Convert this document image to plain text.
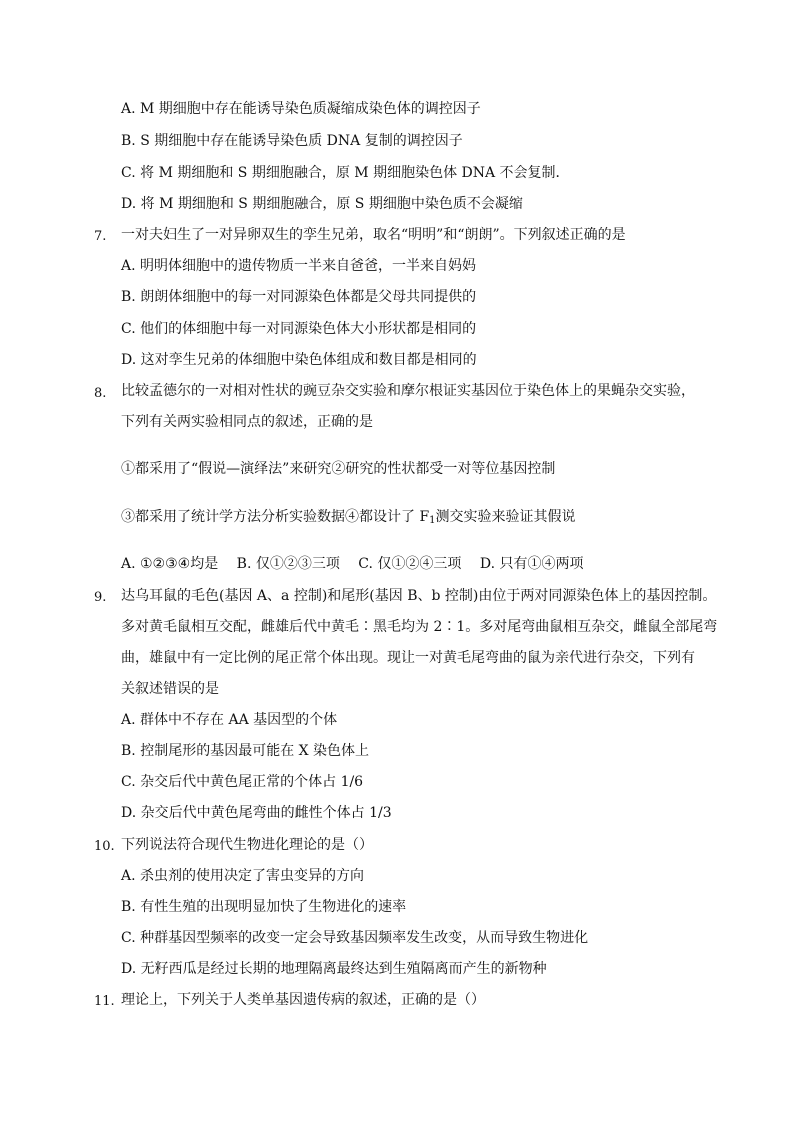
A. M 期细胞中存在能诱导染色质凝缩成染色体的调控因子
B. S 期细胞中存在能诱导染色质 DNA 复制的调控因子
C. 将 M 期细胞和 S 期细胞融合，原 M 期细胞染色体 DNA 不会复制．
D. 将 M 期细胞和 S 期细胞融合，原 S 期细胞中染色质不会凝缩
7. 一对夫妇生了一对异卵双生的孪生兄弟，取名“明明”和“朗朗”。下列叙述正确的是
A. 明明体细胞中的遗传物质一半来自爸爸，一半来自妈妈
B. 朗朗体细胞中的每一对同源染色体都是父母共同提供的
C. 他们的体细胞中每一对同源染色体大小形状都是相同的
D. 这对孪生兄弟的体细胞中染色体组成和数目都是相同的
8. 比较孟德尔的一对相对性状的豌豆杂交实验和摩尔根证实基因位于染色体上的果蝇杂交实验，
下列有关两实验相同点的叙述，正确的是
①都采用了“假说—演绎法”来研究②研究的性状都受一对等位基因控制
③都采用了统计学方法分析实验数据④都设计了 $F_1$测交实验来验证其假说
A. ①②③④均是　 B. 仅①②③三项　 C. 仅①②④三项　 D. 只有①④两项
9. 达乌耳鼠的毛色(基因 A、a 控制)和尾形(基因 B、b 控制)由位于两对同源染色体上的基因控制。
多对黄毛鼠相互交配，雌雄后代中黄毛∶黑毛均为 2∶1。多对尾弯曲鼠相互杂交，雌鼠全部尾弯
曲，雄鼠中有一定比例的尾正常个体出现。现让一对黄毛尾弯曲的鼠为亲代进行杂交，下列有
关叙述错误的是
A. 群体中不存在 AA 基因型的个体
B. 控制尾形的基因最可能在 X 染色体上
C. 杂交后代中黄色尾正常的个体占 1/6
D. 杂交后代中黄色尾弯曲的雌性个体占 1/3
10. 下列说法符合现代生物进化理论的是（）
A. 杀虫剂的使用决定了害虫变异的方向
B. 有性生殖的出现明显加快了生物进化的速率
C. 种群基因型频率的改变一定会导致基因频率发生改变，从而导致生物进化
D. 无籽西瓜是经过长期的地理隔离最终达到生殖隔离而产生的新物种
11. 理论上，下列关于人类单基因遗传病的叙述，正确的是（）
